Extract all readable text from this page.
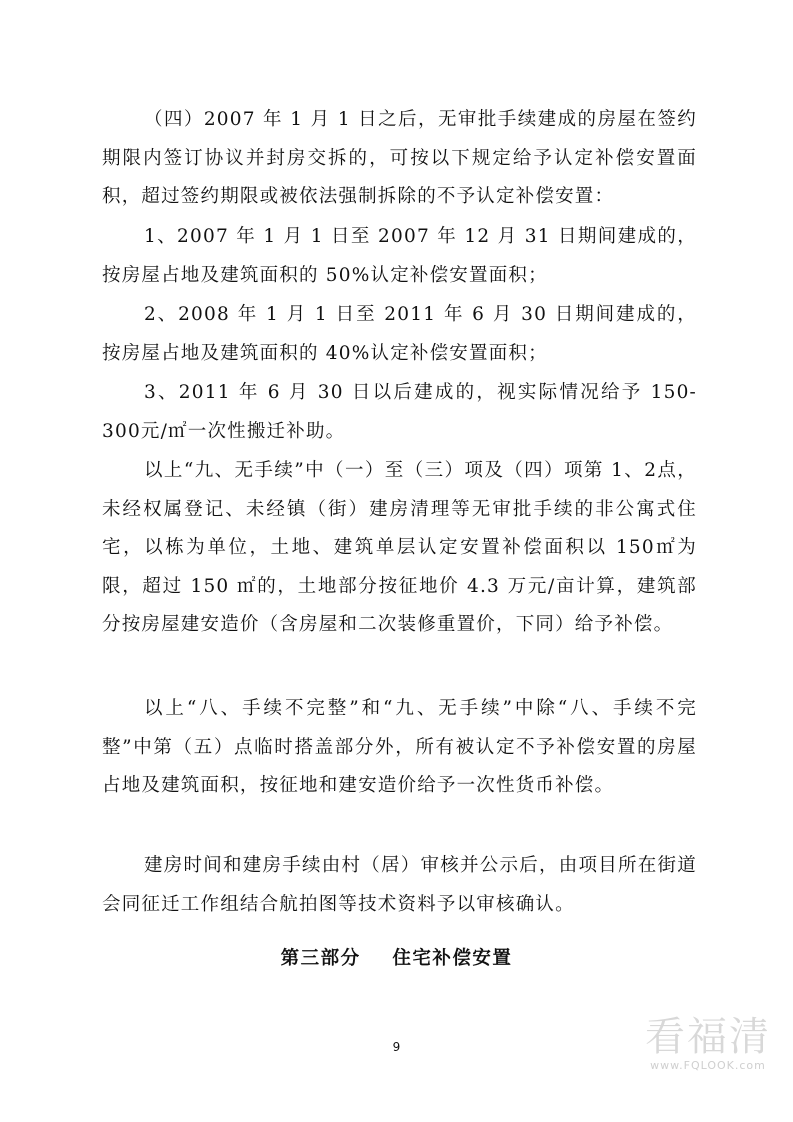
（四）2007 年 1 月 1 日之后，无审批手续建成的房屋在签约期限内签订协议并封房交拆的，可按以下规定给予认定补偿安置面积，超过签约期限或被依法强制拆除的不予认定补偿安置：

1、2007 年 1 月 1 日至 2007 年 12 月 31 日期间建成的，按房屋占地及建筑面积的 50%认定补偿安置面积；

2、2008 年 1 月 1 日至 2011 年 6 月 30 日期间建成的，按房屋占地及建筑面积的 40%认定补偿安置面积；

3、2011 年 6 月 30 日以后建成的，视实际情况给予 150-300元/㎡一次性搬迁补助。

以上“九、无手续”中（一）至（三）项及（四）项第 1、2点，未经权属登记、未经镇（街）建房清理等无审批手续的非公寓式住宅，以栋为单位，土地、建筑单层认定安置补偿面积以 150㎡为限，超过 150 ㎡的，土地部分按征地价 4.3 万元/亩计算，建筑部分按房屋建安造价（含房屋和二次装修重置价，下同）给予补偿。

以上“八、手续不完整”和“九、无手续”中除“八、手续不完整”中第（五）点临时搭盖部分外，所有被认定不予补偿安置的房屋占地及建筑面积，按征地和建安造价给予一次性货币补偿。

建房时间和建房手续由村（居）审核并公示后，由项目所在街道会同征迁工作组结合航拍图等技术资料予以审核确认。

第三部分    住宅补偿安置
9	看福清
www.FQLOOK.com
